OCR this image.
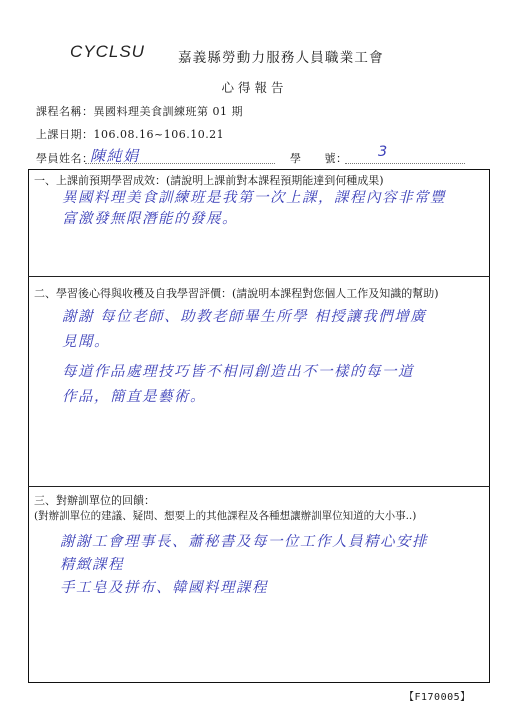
CYCLSU 嘉義縣勞動力服務人員職業工會
心得報告
課程名稱：異國料理美食訓練班第 01 期
上課日期：106.08.16~106.10.21
學員姓名：
陳純娟	學　　號： 3
一、上課前預期學習成效：(請說明上課前對本課程預期能達到何種成果)
異國料理美食訓練班是我第一次上課，課程內容非常豐
富激發無限潛能的發展。
二、學習後心得與收穫及自我學習評價：(請說明本課程對您個人工作及知識的幫助)
謝謝 每位老師、助教老師畢生所學 相授讓我們增廣
見聞。
每道作品處理技巧皆不相同創造出不一樣的每一道
作品，簡直是藝術。
三、對辦訓單位的回饋：
(對辦訓單位的建議、疑問、想要上的其他課程及各種想讓辦訓單位知道的大小事..)
謝謝工會理事長、蕭秘書及每一位工作人員精心安排
精緻課程
手工皂及拼布、韓國料理課程
【F170005】
